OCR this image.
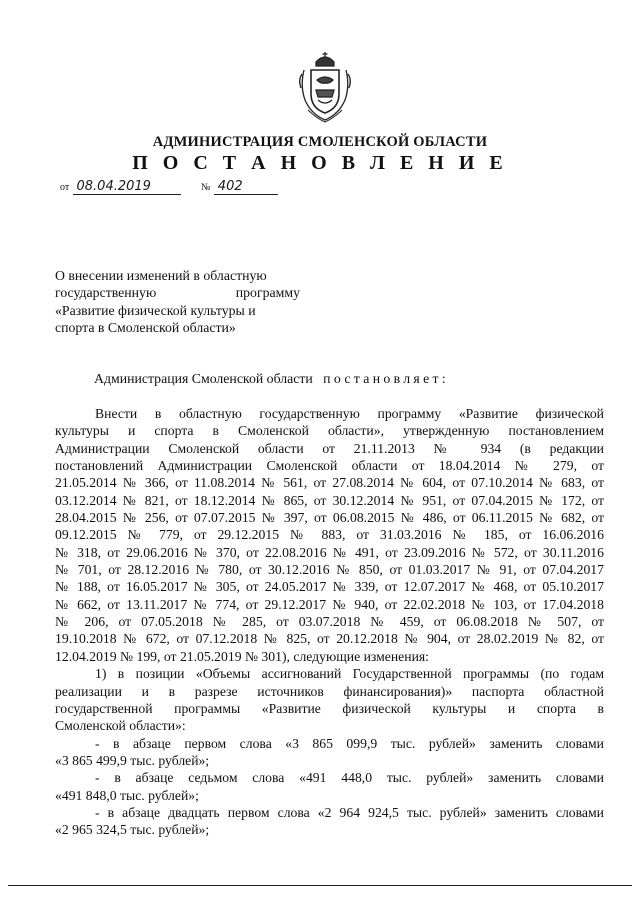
АДМИНИСТРАЦИЯ СМОЛЕНСКОЙ ОБЛАСТИ
П О С Т А Н О В Л Е Н И Е
от 08.04.2019	№ 402
О внесении изменений в областную
государственную программу
«Развитие физической культуры и
спорта в Смоленской области»
Администрация Смоленской области постановляет:
Внести в областную государственную программу «Развитие физической
культуры и спорта в Смоленской области», утвержденную постановлением
Администрации Смоленской области от 21.11.2013 № 934 (в редакции
постановлений Администрации Смоленской области от 18.04.2014 № 279, от
21.05.2014 № 366, от 11.08.2014 № 561, от 27.08.2014 № 604, от 07.10.2014 № 683, от
03.12.2014 № 821, от 18.12.2014 № 865, от 30.12.2014 № 951, от 07.04.2015 № 172, от
28.04.2015 № 256, от 07.07.2015 № 397, от 06.08.2015 № 486, от 06.11.2015 № 682, от
09.12.2015 № 779, от 29.12.2015 № 883, от 31.03.2016 № 185, от 16.06.2016
№ 318, от 29.06.2016 № 370, от 22.08.2016 № 491, от 23.09.2016 № 572, от 30.11.2016
№ 701, от 28.12.2016 № 780, от 30.12.2016 № 850, от 01.03.2017 № 91, от 07.04.2017
№ 188, от 16.05.2017 № 305, от 24.05.2017 № 339, от 12.07.2017 № 468, от 05.10.2017
№ 662, от 13.11.2017 № 774, от 29.12.2017 № 940, от 22.02.2018 № 103, от 17.04.2018
№ 206, от 07.05.2018 № 285, от 03.07.2018 № 459, от 06.08.2018 № 507, от
19.10.2018 № 672, от 07.12.2018 № 825, от 20.12.2018 № 904, от 28.02.2019 № 82, от
12.04.2019 № 199, от 21.05.2019 № 301), следующие изменения:
1) в позиции «Объемы ассигнований Государственной программы (по годам
реализации и в разрезе источников финансирования)» паспорта областной
государственной программы «Развитие физической культуры и спорта в
Смоленской области»:
- в абзаце первом слова «3 865 099,9 тыс. рублей» заменить словами
«3 865 499,9 тыс. рублей»;
- в абзаце седьмом слова «491 448,0 тыс. рублей» заменить словами
«491 848,0 тыс. рублей»;
- в абзаце двадцать первом слова «2 964 924,5 тыс. рублей» заменить словами
«2 965 324,5 тыс. рублей»;
